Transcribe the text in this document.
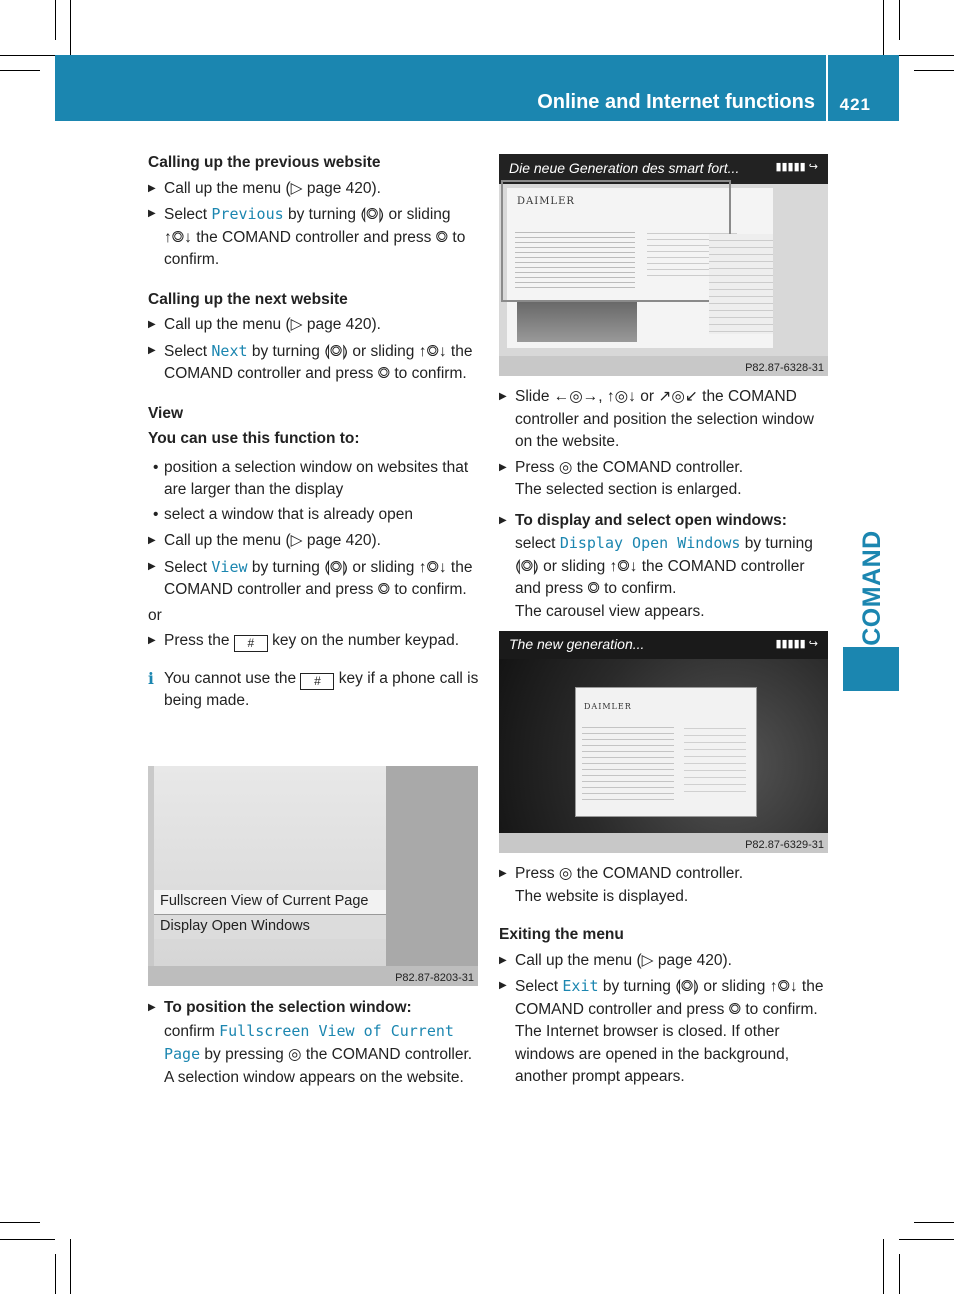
Online and Internet functions 421
COMAND

Calling up the previous website

▶ Call up the menu (▷ page 420).

▶ Select Previous by turning ⟬◎⟭ or sliding ↑◎↓ the COMAND controller and press ◎ to confirm.

Calling up the next website

▶ Call up the menu (▷ page 420).

▶ Select Next by turning ⟬◎⟭ or sliding ↑◎↓ the COMAND controller and press ◎ to confirm.

View

You can use this function to:

• position a selection window on websites that are larger than the display

• select a window that is already open

▶ Call up the menu (▷ page 420).

▶ Select View by turning ⟬◎⟭ or sliding ↑◎↓ the COMAND controller and press ◎ to confirm.

or

▶ Press the # key on the number keypad.

i You cannot use the # key if a phone call is being made.

Fullscreen View of Current Page
Display Open Windows
P82.87-8203-31

▶ To position the selection window:
confirm Fullscreen View of Current Page by pressing ◎ the COMAND controller.
A selection window appears on the website.

Die neue Generation des smart fort...	▮▮▮▮▮ ↪
DAIMLER
P82.87-6328-31

▶ Slide ←◎→, ↑◎↓ or ↗◎↙ the COMAND controller and position the selection window on the website.

▶ Press ◎ the COMAND controller.
The selected section is enlarged.

▶ To display and select open windows:
select Display Open Windows by turning ⟬◎⟭ or sliding ↑◎↓ the COMAND controller and press ◎ to confirm.
The carousel view appears.

The new generation...	▮▮▮▮▮ ↪
DAIMLER
P82.87-6329-31

▶ Press ◎ the COMAND controller.
The website is displayed.

Exiting the menu

▶ Call up the menu (▷ page 420).

▶ Select Exit by turning ⟬◎⟭ or sliding ↑◎↓ the COMAND controller and press ◎ to confirm.
The Internet browser is closed. If other windows are opened in the background, another prompt appears.
